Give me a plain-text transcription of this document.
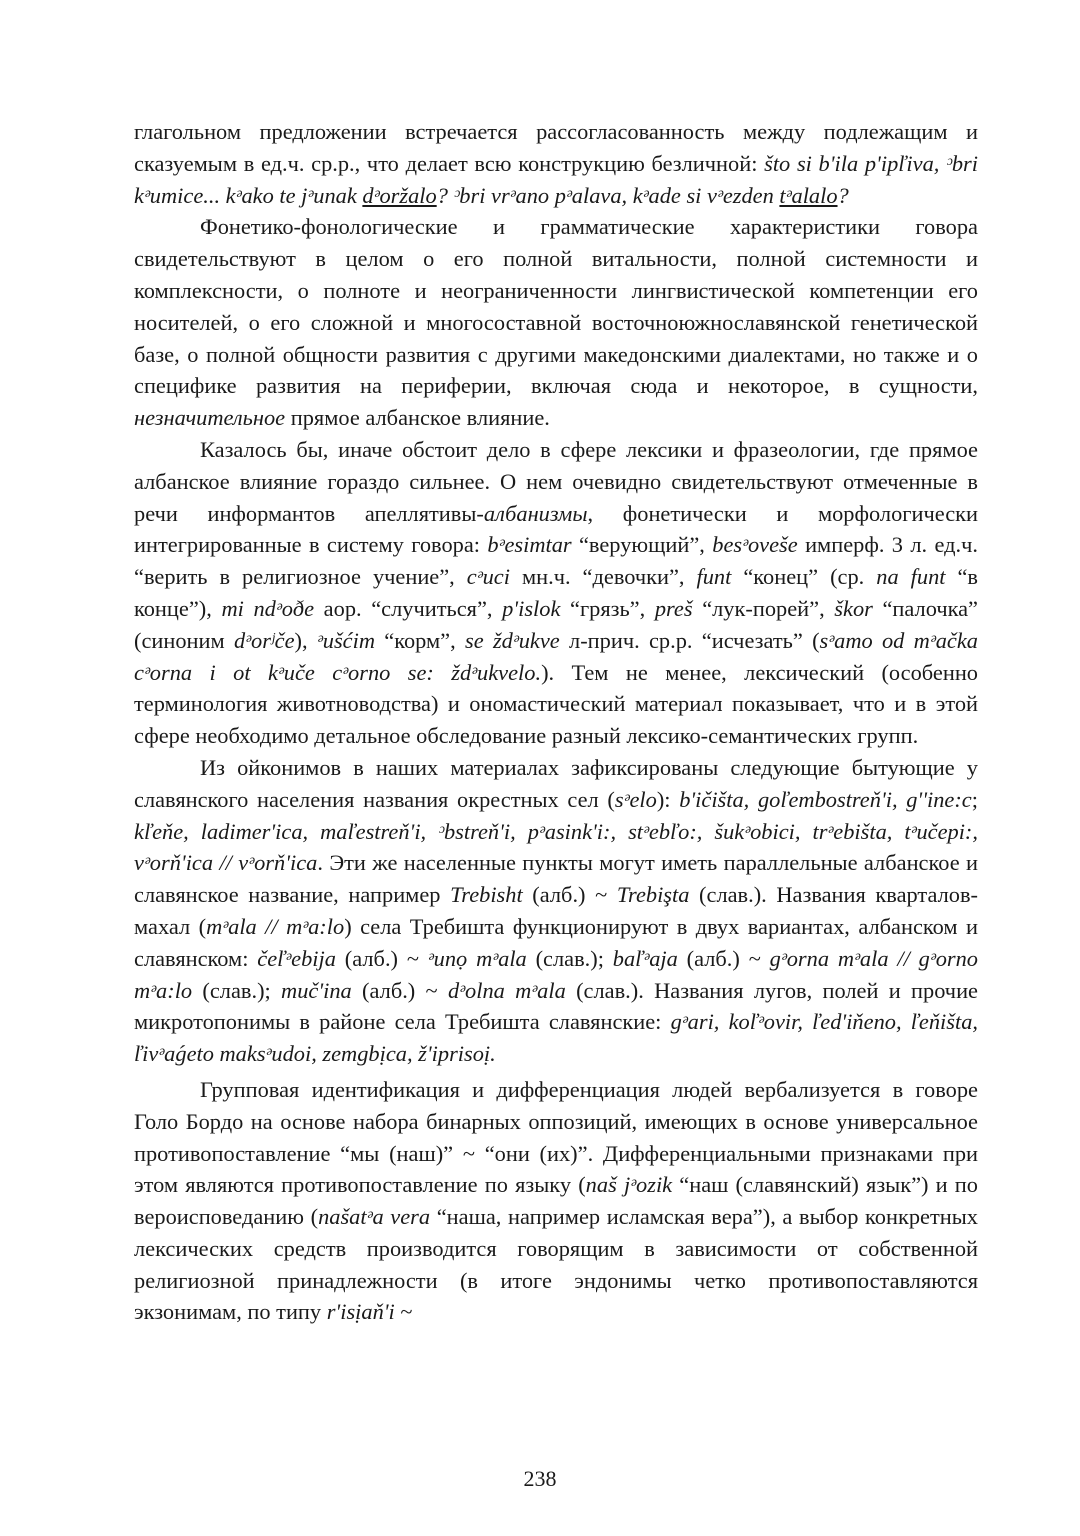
глагольном предложении встречается рассогласованность между подлежащим и сказуемым в ед.ч. ср.р., что делает всю конструкцию безличной: što si b'ila p'ipľiva, ᵓbri kᵊumice... kᵊako te jᵊunak dᵊoržalo? ᵓbri vrᵊano pᵊalava, kᵊade si vᵊezden tᵊalalo?

Фонетико-фонологические и грамматические характеристики говора свидетельствуют в целом о его полной витальности, полной системности и комплексности, о полноте и неограниченности лингвистической компетенции его носителей, о его сложной и многосоставной восточноюжнославянской генетической базе, о полной общности развития с другими македонскими диалектами, но также и о специфике развития на периферии, включая сюда и некоторое, в сущности, незначительное прямое албанское влияние.

Казалось бы, иначе обстоит дело в сфере лексики и фразеологии, где прямое албанское влияние гораздо сильнее. О нем очевидно свидетельствуют отмеченные в речи информантов апеллятивы-албанизмы, фонетически и морфологически интегрированные в систему говора: bᵊesimtar “верующий”, besᵊoveše имперф. 3 л. ед.ч. “верить в религиозное учение”, cᵊuci мн.ч. “девочки”, funt “конец” (ср. na funt “в конце”), mi ndᵊoðe аор. “случиться”, p'islok “грязь”, preš “лук-порей”, škor “палочка” (синоним dᵊorʲče), ᵊušćim “корм”, se ždᵊukve л-прич. ср.р. “исчезать” (sᵊamo od mᵊačka cᵊorna i ot kᵊuče cᵊorno se: ždᵊukvelo.). Тем не менее, лексический (особенно терминология животноводства) и ономастический материал показывает, что и в этой сфере необходимо детальное обследование разный лексико-семантических групп.

Из ойконимов в наших материалах зафиксированы следующие бытующие у славянского населения названия окрестных сел (sᵊelo): b'ičišta, goľembostreň'i, g''ine:c; kľeňe, ladimer'ica, maľestreň'i, ᵓbstreň'i, pᵊasink'i:, stᵊebľo:, šukᵊobici, trᵊebišta, tᵊučepi:, vᵊorň'ica // vᵊorň'ica. Эти же населенные пункты могут иметь параллельные албанское и славянское название, например Trebisht (алб.) ~ Trebişta (слав.). Названия кварталов-махал (mᵊala // mᵊa:lo) села Требишта функционируют в двух вариантах, албанском и славянском: čeľᵊebija (алб.) ~ ᵊunọ mᵊala (слав.); baľᵊaja (алб.) ~ gᵊorna mᵊala // gᵊorno mᵊa:lo (слав.); muč'ina (алб.) ~ dᵊolna mᵊala (слав.). Названия лугов, полей и прочие микротопонимы в районе села Требишта славянские: gᵊari, koľᵊovir, ľed'iňeno, ľeňišta, ľivᵊaǵeto maksᵊudoi, zemgbịca, ž'iprisoị.

Групповая идентификация и дифференциация людей вербализуется в говоре Голо Бордо на основе набора бинарных оппозиций, имеющих в основе универсальное противопоставление “мы (наш)” ~ “они (их)”. Дифференциальными признаками при этом являются противопоставление по языку (naš jᵊozik “наш (славянский) язык”) и по вероисповеданию (našatᵊa vera “наша, например исламская вера”), а выбор конкретных лексических средств производится говорящим в зависимости от собственной религиозной принадлежности (в итоге эндонимы четко противопоставляются экзонимам, по типу r'isịaň'i ~

238
